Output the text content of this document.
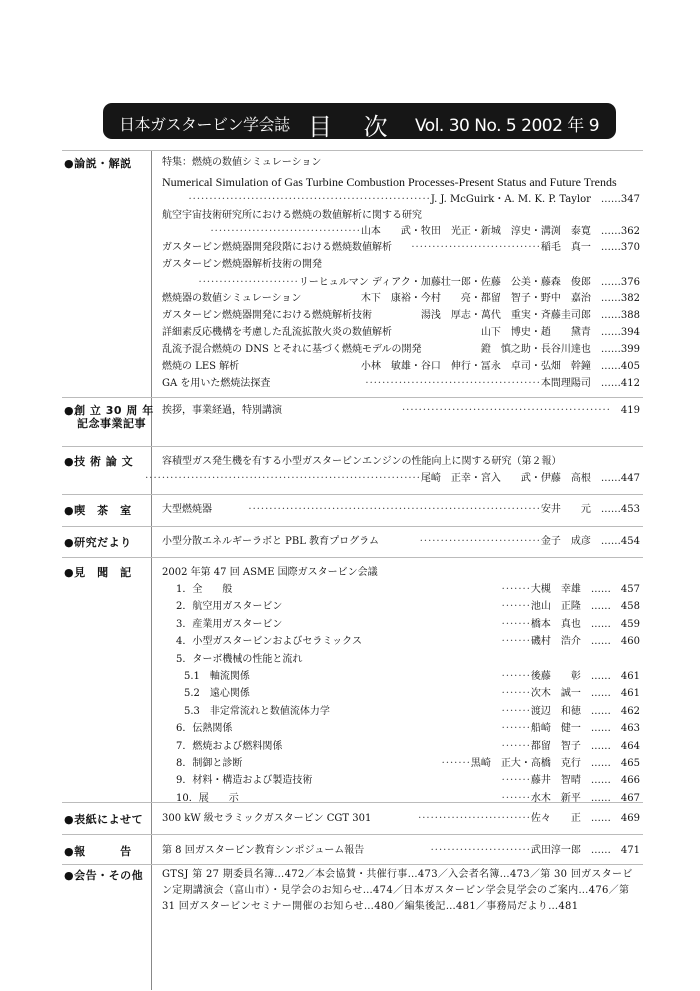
日本ガスタービン学会誌 目 次 Vol. 30 No. 5 2002 年 9 月
●論説・解説	特集：燃焼の数値シミュレーション
Numerical Simulation of Gas Turbine Combustion Processes-Present Status and Future Trends
··························································J. J. McGuirk・A. M. K. P. Taylor　……347
航空宇宙技術研究所における燃焼の数値解析に関する研究
····································山本　　武・牧田　光正・新城　淳史・溝渕　泰寛　……362
ガスタービン燃焼器開発段階における燃焼数値解析 ·······························稲毛　真一　……370
ガスタービン燃焼器解析技術の開発
························リーヒュルマン ディアク・加藤壮一郎・佐藤　公美・藤森　俊郎　……376
燃焼器の数値シミュレーション	木下　康裕・今村　　亮・都留　智子・野中　嘉治　……382
ガスタービン燃焼器開発における燃焼解析技術	湯浅　厚志・萬代　重実・斉藤圭司郎　……388
詳細素反応機構を考慮した乱流拡散火炎の数値解析	山下　博史・趙　　黛青　……394
乱流予混合燃焼の DNS とそれに基づく燃焼モデルの開発	鐙　慎之助・長谷川達也　……399
燃焼の LES 解析	小林　敏雄・谷口　伸行・冨永　卓司・弘畑　幹鐘　……405
GA を用いた燃焼法探査	··········································本間理陽司　……412
●創 立 30 周 年
記念事業記事
挨拶，事業経過，特別講演	··················································　 419
●技 術 論 文	容積型ガス発生機を有する小型ガスタービンエンジンの性能向上に関する研究（第２報）
··································································尾崎　正幸・宮入　　武・伊藤　高根　……447
●喫　茶　室	大型燃焼器	······································································安井　　元　……453
●研究だより	小型分散エネルギーラボと PBL 教育プログラム	·····························金子　成彦　……454
●見　聞　記	2002 年第 47 回 ASME 国際ガスタービン会議
1．全　　般	·······大槻　幸雄　……　457
2．航空用ガスタービン	·······池山　正隆　……　458
3．産業用ガスタービン	·······橋本　真也　……　459
4．小型ガスタービンおよびセラミックス	·······磯村　浩介　……　460
5．ターボ機械の性能と流れ
5.1　軸流関係	·······後藤　　彰　……　461
5.2　遠心関係	·······次木　誠一　……　461
5.3　非定常流れと数値流体力学	·······渡辺　和徳　……　462
6．伝熱関係	·······船崎　健一　……　463
7．燃焼および燃料関係	·······都留　智子　……　464
8．制御と診断	·······黒崎　正大・高橋　克行　……　465
9．材料・構造および製造技術	·······藤井　智晴　……　466
10．展　　示	·······水木　新平　……　467
●表紙によせて 300 kW 級セラミックガスタービン CGT 301	···························佐々　　正　……　469
●報　　　告	第 8 回ガスタービン教育シンポジューム報告	························武田淳一郎　……　471
●会告・その他 GTSJ 第 27 期委員名簿…472／本会協賛・共催行事…473／入会者名簿…473／第 30 回ガスタービン定期講演会（富山市）・見学会のお知らせ…474／日本ガスタービン学会見学会のご案内…476／第 31 回ガスタービンセミナー開催のお知らせ…480／編集後記…481／事務局だより…481
